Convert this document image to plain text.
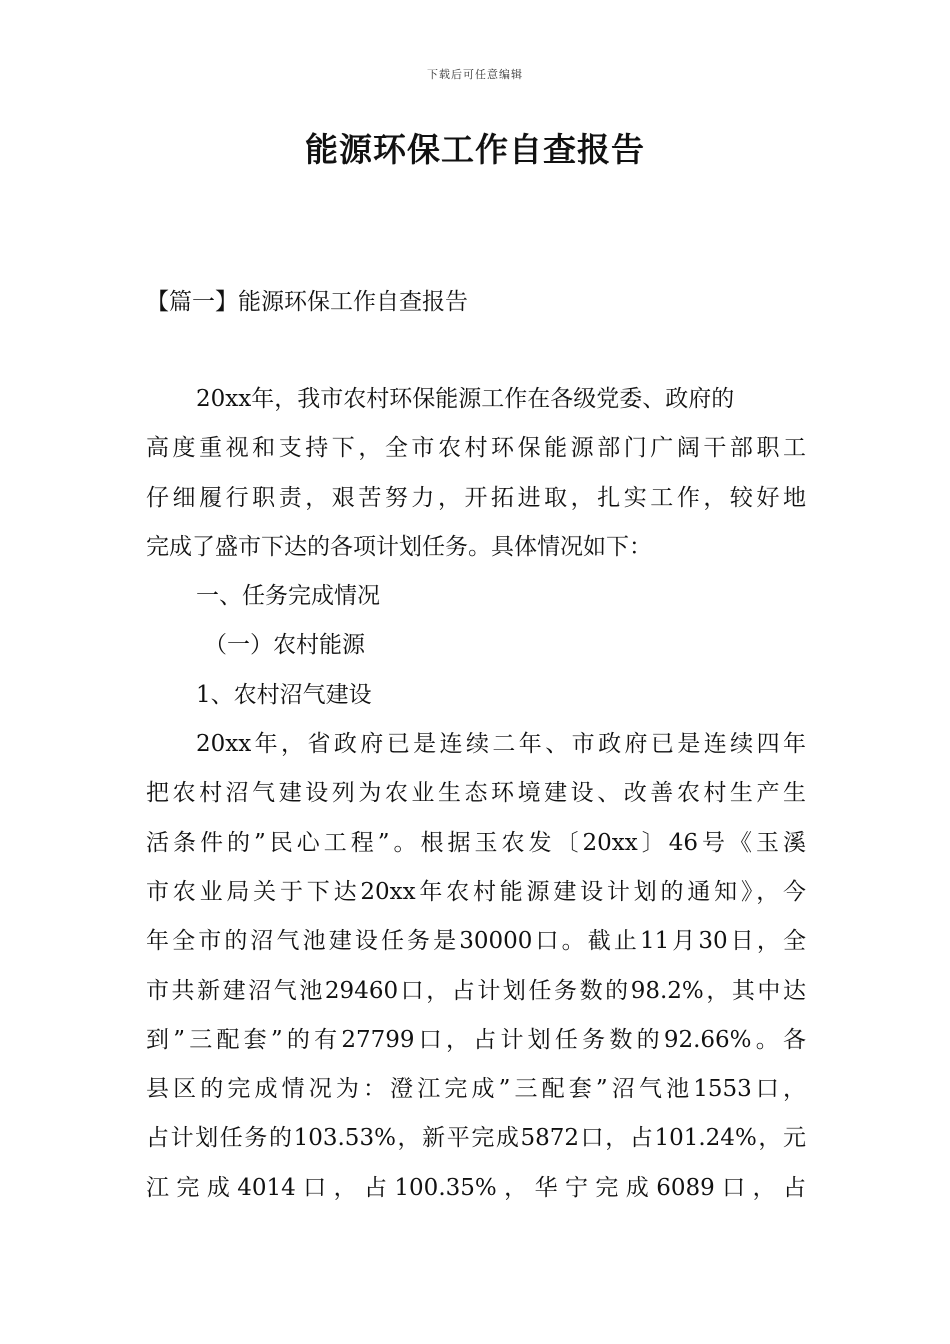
下载后可任意编辑
能源环保工作自查报告
【篇一】能源环保工作自查报告
20xx年，我市农村环保能源工作在各级党委、政府的
高度重视和支持下，全市农村环保能源部门广阔干部职工
仔细履行职责，艰苦努力，开拓进取，扎实工作，较好地
完成了盛市下达的各项计划任务。具体情况如下：
一、任务完成情况
（一）农村能源
1、农村沼气建设
20xx年，省政府已是连续二年、市政府已是连续四年
把农村沼气建设列为农业生态环境建设、改善农村生产生
活条件的”民心工程”。根据玉农发〔20xx〕46号《玉溪
市农业局关于下达20xx年农村能源建设计划的通知》，今
年全市的沼气池建设任务是30000口。截止11月30日，全
市共新建沼气池29460口，占计划任务数的98.2%，其中达
到”三配套”的有27799口，占计划任务数的92.66%。各
县区的完成情况为：澄江完成”三配套”沼气池1553口，
占计划任务的103.53%，新平完成5872口，占101.24%，元
江完成4014口，占100.35%，华宁完成6089口，占
